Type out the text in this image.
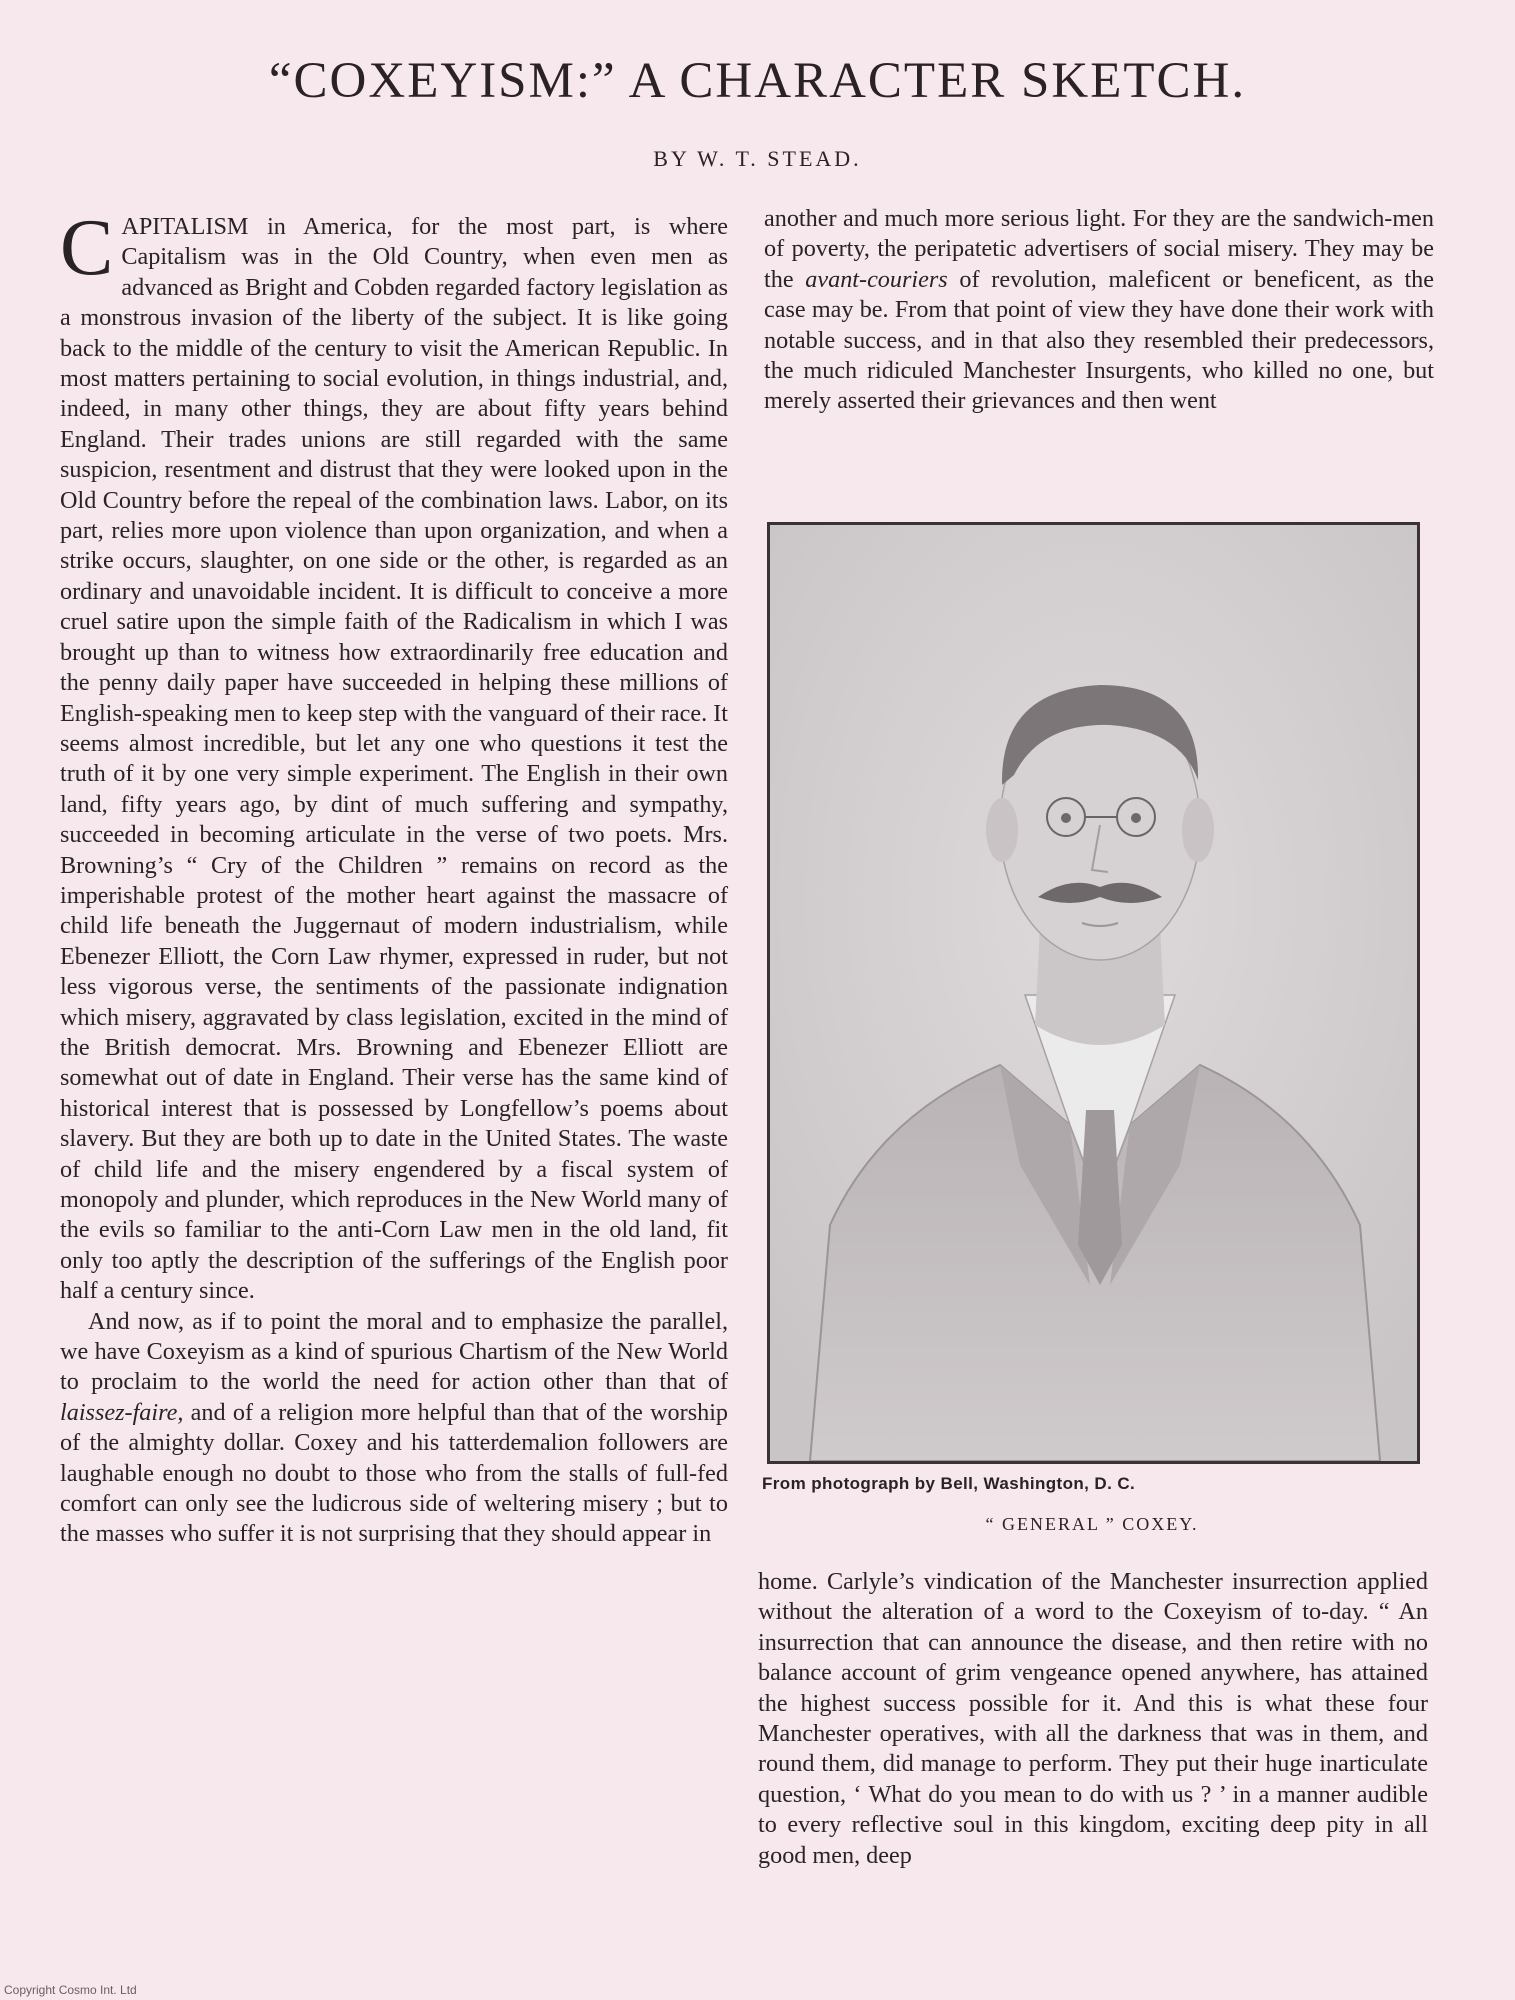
“COXEYISM:” A CHARACTER SKETCH.
BY W. T. STEAD.

CAPITALISM in America, for the most part, is where Capitalism was in the Old Country, when even men as advanced as Bright and Cobden regarded factory legislation as a monstrous invasion of the liberty of the subject. It is like going back to the middle of the century to visit the American Republic. In most matters pertaining to social evolution, in things industrial, and, indeed, in many other things, they are about fifty years behind England. Their trades unions are still regarded with the same suspicion, resentment and distrust that they were looked upon in the Old Country before the repeal of the combination laws. Labor, on its part, relies more upon violence than upon organization, and when a strike occurs, slaughter, on one side or the other, is regarded as an ordinary and unavoidable incident. It is difficult to conceive a more cruel satire upon the simple faith of the Radicalism in which I was brought up than to witness how extraordinarily free education and the penny daily paper have succeeded in helping these millions of English-speaking men to keep step with the vanguard of their race. It seems almost incredible, but let any one who questions it test the truth of it by one very simple experiment. The English in their own land, fifty years ago, by dint of much suffering and sympathy, succeeded in becoming articulate in the verse of two poets. Mrs. Browning’s “ Cry of the Children ” remains on record as the imperishable protest of the mother heart against the massacre of child life beneath the Juggernaut of modern industrialism, while Ebenezer Elliott, the Corn Law rhymer, expressed in ruder, but not less vigorous verse, the sentiments of the passionate indignation which misery, aggravated by class legislation, excited in the mind of the British democrat. Mrs. Browning and Ebenezer Elliott are somewhat out of date in England. Their verse has the same kind of historical interest that is possessed by Longfellow’s poems about slavery. But they are both up to date in the United States. The waste of child life and the misery engendered by a fiscal system of monopoly and plunder, which reproduces in the New World many of the evils so familiar to the anti-Corn Law men in the old land, fit only too aptly the description of the sufferings of the English poor half a century since.

And now, as if to point the moral and to emphasize the parallel, we have Coxeyism as a kind of spurious Chartism of the New World to proclaim to the world the need for action other than that of laissez-faire, and of a religion more helpful than that of the worship of the almighty dollar. Coxey and his tatterdemalion followers are laughable enough no doubt to those who from the stalls of full-fed comfort can only see the ludicrous side of weltering misery ; but to the masses who suffer it is not surprising that they should appear in

another and much more serious light. For they are the sandwich-men of poverty, the peripatetic advertisers of social misery. They may be the avant-couriers of revolution, maleficent or beneficent, as the case may be. From that point of view they have done their work with notable success, and in that also they resembled their predecessors, the much ridiculed Manchester Insurgents, who killed no one, but merely asserted their grievances and then went

From photograph by Bell, Washington, D. C.
“ GENERAL ” COXEY.

home. Carlyle’s vindication of the Manchester insurrection applied without the alteration of a word to the Coxeyism of to-day. “ An insurrection that can announce the disease, and then retire with no balance account of grim vengeance opened anywhere, has attained the highest success possible for it. And this is what these four Manchester operatives, with all the darkness that was in them, and round them, did manage to perform. They put their huge inarticulate question, ‘ What do you mean to do with us ? ’ in a manner audible to every reflective soul in this kingdom, exciting deep pity in all good men, deep

Copyright Cosmo Int. Ltd
